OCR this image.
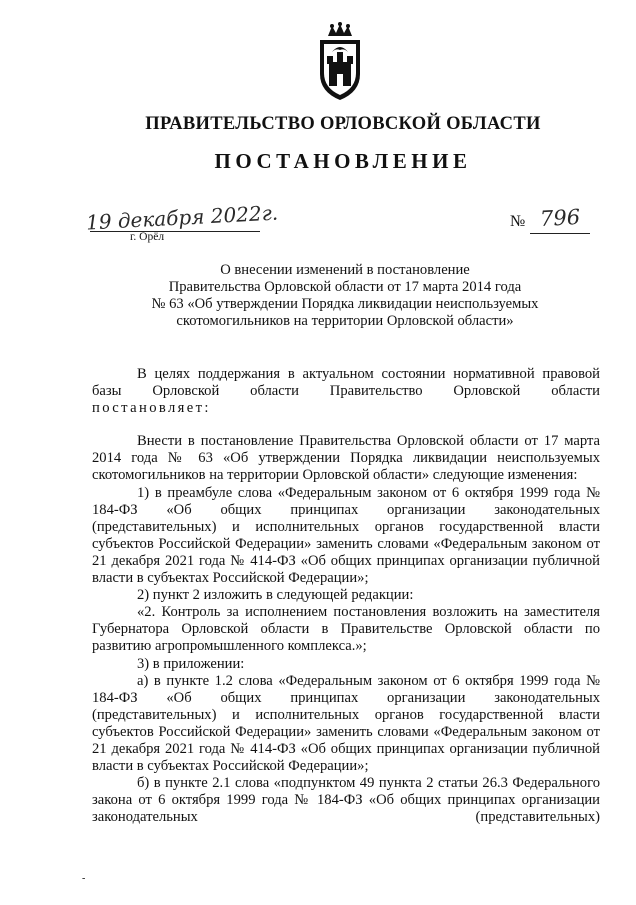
ПРАВИТЕЛЬСТВО ОРЛОВСКОЙ ОБЛАСТИ
ПОСТАНОВЛЕНИЕ
19 декабря 2022г.
г. Орёл
№ 796
О внесении изменений в постановление
Правительства Орловской области от 17 марта 2014 года
№ 63 «Об утверждении Порядка ликвидации неиспользуемых
скотомогильников на территории Орловской области»

В целях поддержания в актуальном состоянии нормативной правовой базы Орловской области Правительство Орловской области

постановляет:

Внести в постановление Правительства Орловской области от 17 марта 2014 года № 63 «Об утверждении Порядка ликвидации неиспользуемых скотомогильников на территории Орловской области» следующие изменения:

1) в преамбуле слова «Федеральным законом от 6 октября 1999 года № 184-ФЗ «Об общих принципах организации законодательных (представительных) и исполнительных органов государственной власти субъектов Российской Федерации» заменить словами «Федеральным законом от 21 декабря 2021 года № 414-ФЗ «Об общих принципах организации публичной власти в субъектах Российской Федерации»;

2) пункт 2 изложить в следующей редакции:

«2. Контроль за исполнением постановления возложить на заместителя Губернатора Орловской области в Правительстве Орловской области по развитию агропромышленного комплекса.»;

3) в приложении:

а) в пункте 1.2 слова «Федеральным законом от 6 октября 1999 года № 184-ФЗ «Об общих принципах организации законодательных (представительных) и исполнительных органов государственной власти субъектов Российской Федерации» заменить словами «Федеральным законом от 21 декабря 2021 года № 414-ФЗ «Об общих принципах организации публичной власти в субъектах Российской Федерации»;

б) в пункте 2.1 слова «подпунктом 49 пункта 2 статьи 26.3 Федерального закона от 6 октября 1999 года № 184-ФЗ «Об общих принципах организации законодательных (представительных)

-
